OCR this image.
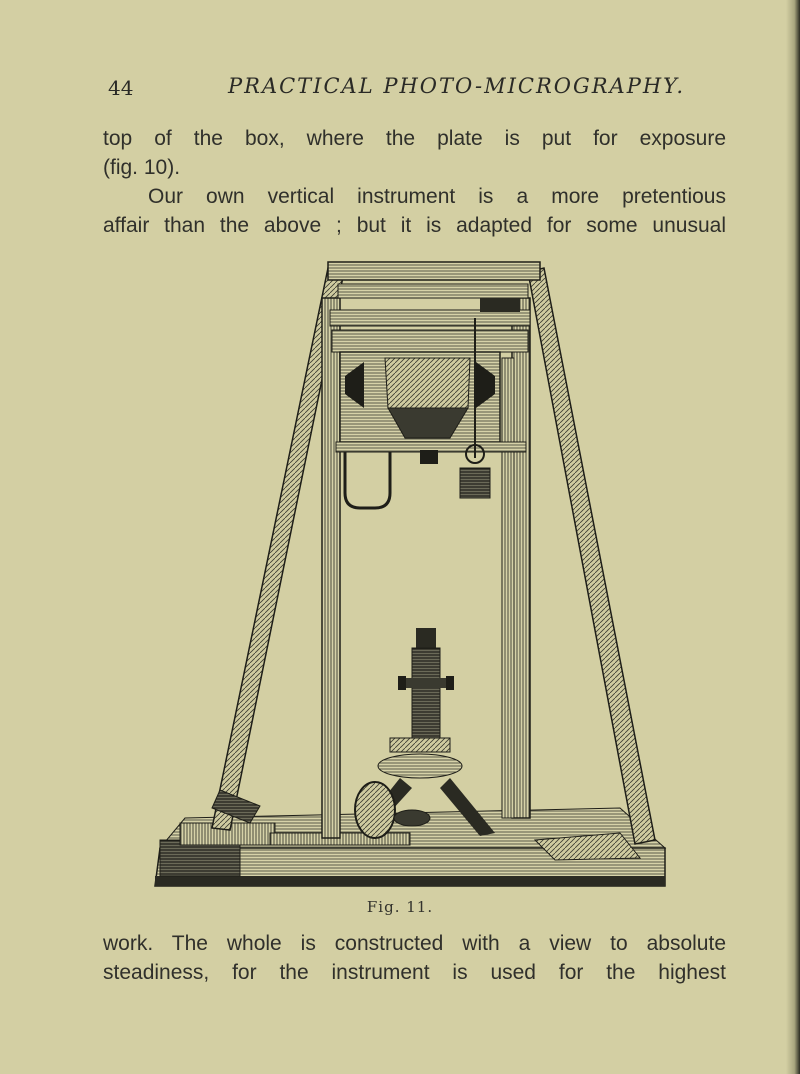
44	PRACTICAL PHOTO-MICROGRAPHY.
top of the box, where the plate is put for exposure
(fig. 10).
Our own vertical instrument is a more pretentious
affair than the above ; but it is adapted for some unusual
Fig. 11.
work. The whole is constructed with a view to absolute
steadiness, for the instrument is used for the highest
